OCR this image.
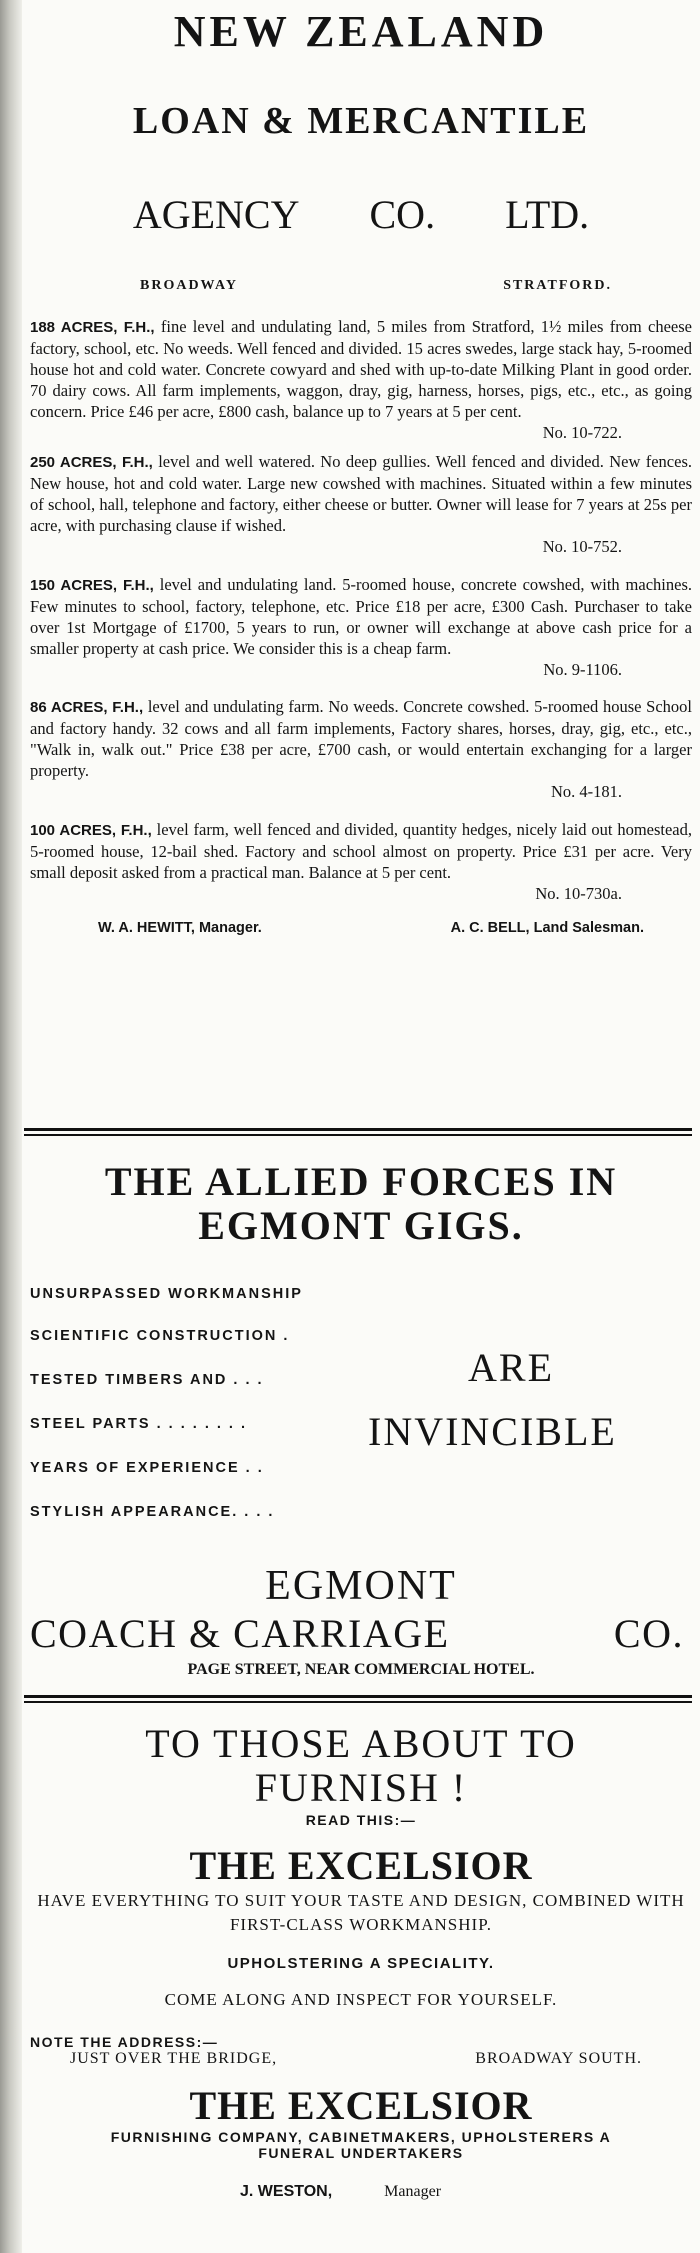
NEW ZEALAND
LOAN & MERCANTILE
AGENCY CO. LTD.
BROADWAY	STRATFORD.

188 ACRES, F.H., fine level and undulating land, 5 miles from Stratford, 1½ miles from cheese factory, school, etc. No weeds. Well fenced and divided. 15 acres swedes, large stack hay, 5-roomed house hot and cold water. Concrete cowyard and shed with up-to-date Milking Plant in good order. 70 dairy cows. All farm implements, waggon, dray, gig, harness, horses, pigs, etc., etc., as going concern. Price £46 per acre, £800 cash, balance up to 7 years at 5 per cent.
No. 10-722.

250 ACRES, F.H., level and well watered. No deep gullies. Well fenced and divided. New fences. New house, hot and cold water. Large new cowshed with machines. Situated within a few minutes of school, hall, telephone and factory, either cheese or butter. Owner will lease for 7 years at 25s per acre, with purchasing clause if wished.
No. 10-752.

150 ACRES, F.H., level and undulating land. 5-roomed house, concrete cowshed, with machines. Few minutes to school, factory, telephone, etc. Price £18 per acre, £300 Cash. Purchaser to take over 1st Mortgage of £1700, 5 years to run, or owner will exchange at above cash price for a smaller property at cash price. We consider this is a cheap farm.
No. 9-1106.

86 ACRES, F.H., level and undulating farm. No weeds. Concrete cowshed. 5-roomed house School and factory handy. 32 cows and all farm implements, Factory shares, horses, dray, gig, etc., etc., "Walk in, walk out." Price £38 per acre, £700 cash, or would entertain exchanging for a larger property.
No. 4-181.

100 ACRES, F.H., level farm, well fenced and divided, quantity hedges, nicely laid out homestead, 5-roomed house, 12-bail shed. Factory and school almost on property. Price £31 per acre. Very small deposit asked from a practical man. Balance at 5 per cent.
No. 10-730a.

W. A. HEWITT, Manager.	A. C. BELL, Land Salesman.
THE ALLIED FORCES IN
EGMONT GIGS.
UNSURPASSED WORKMANSHIP
SCIENTIFIC CONSTRUCTION .
TESTED TIMBERS AND . . .
STEEL PARTS . . . . . . . .
YEARS OF EXPERIENCE . .
STYLISH APPEARANCE. . . .
ARE
INVINCIBLE
EGMONT
COACH & CARRIAGE	CO.
PAGE STREET, NEAR COMMERCIAL HOTEL.
TO THOSE ABOUT TO
FURNISH !
READ THIS:—
THE EXCELSIOR
HAVE EVERYTHING TO SUIT YOUR TASTE AND DESIGN, COMBINED WITH FIRST-CLASS WORKMANSHIP.
UPHOLSTERING A SPECIALITY.
COME ALONG AND INSPECT FOR YOURSELF.
NOTE THE ADDRESS:—
JUST OVER THE BRIDGE,	BROADWAY SOUTH.
THE EXCELSIOR
FURNISHING COMPANY, CABINETMAKERS, UPHOLSTERERS A
FUNERAL UNDERTAKERS
J. WESTON,	Manager
